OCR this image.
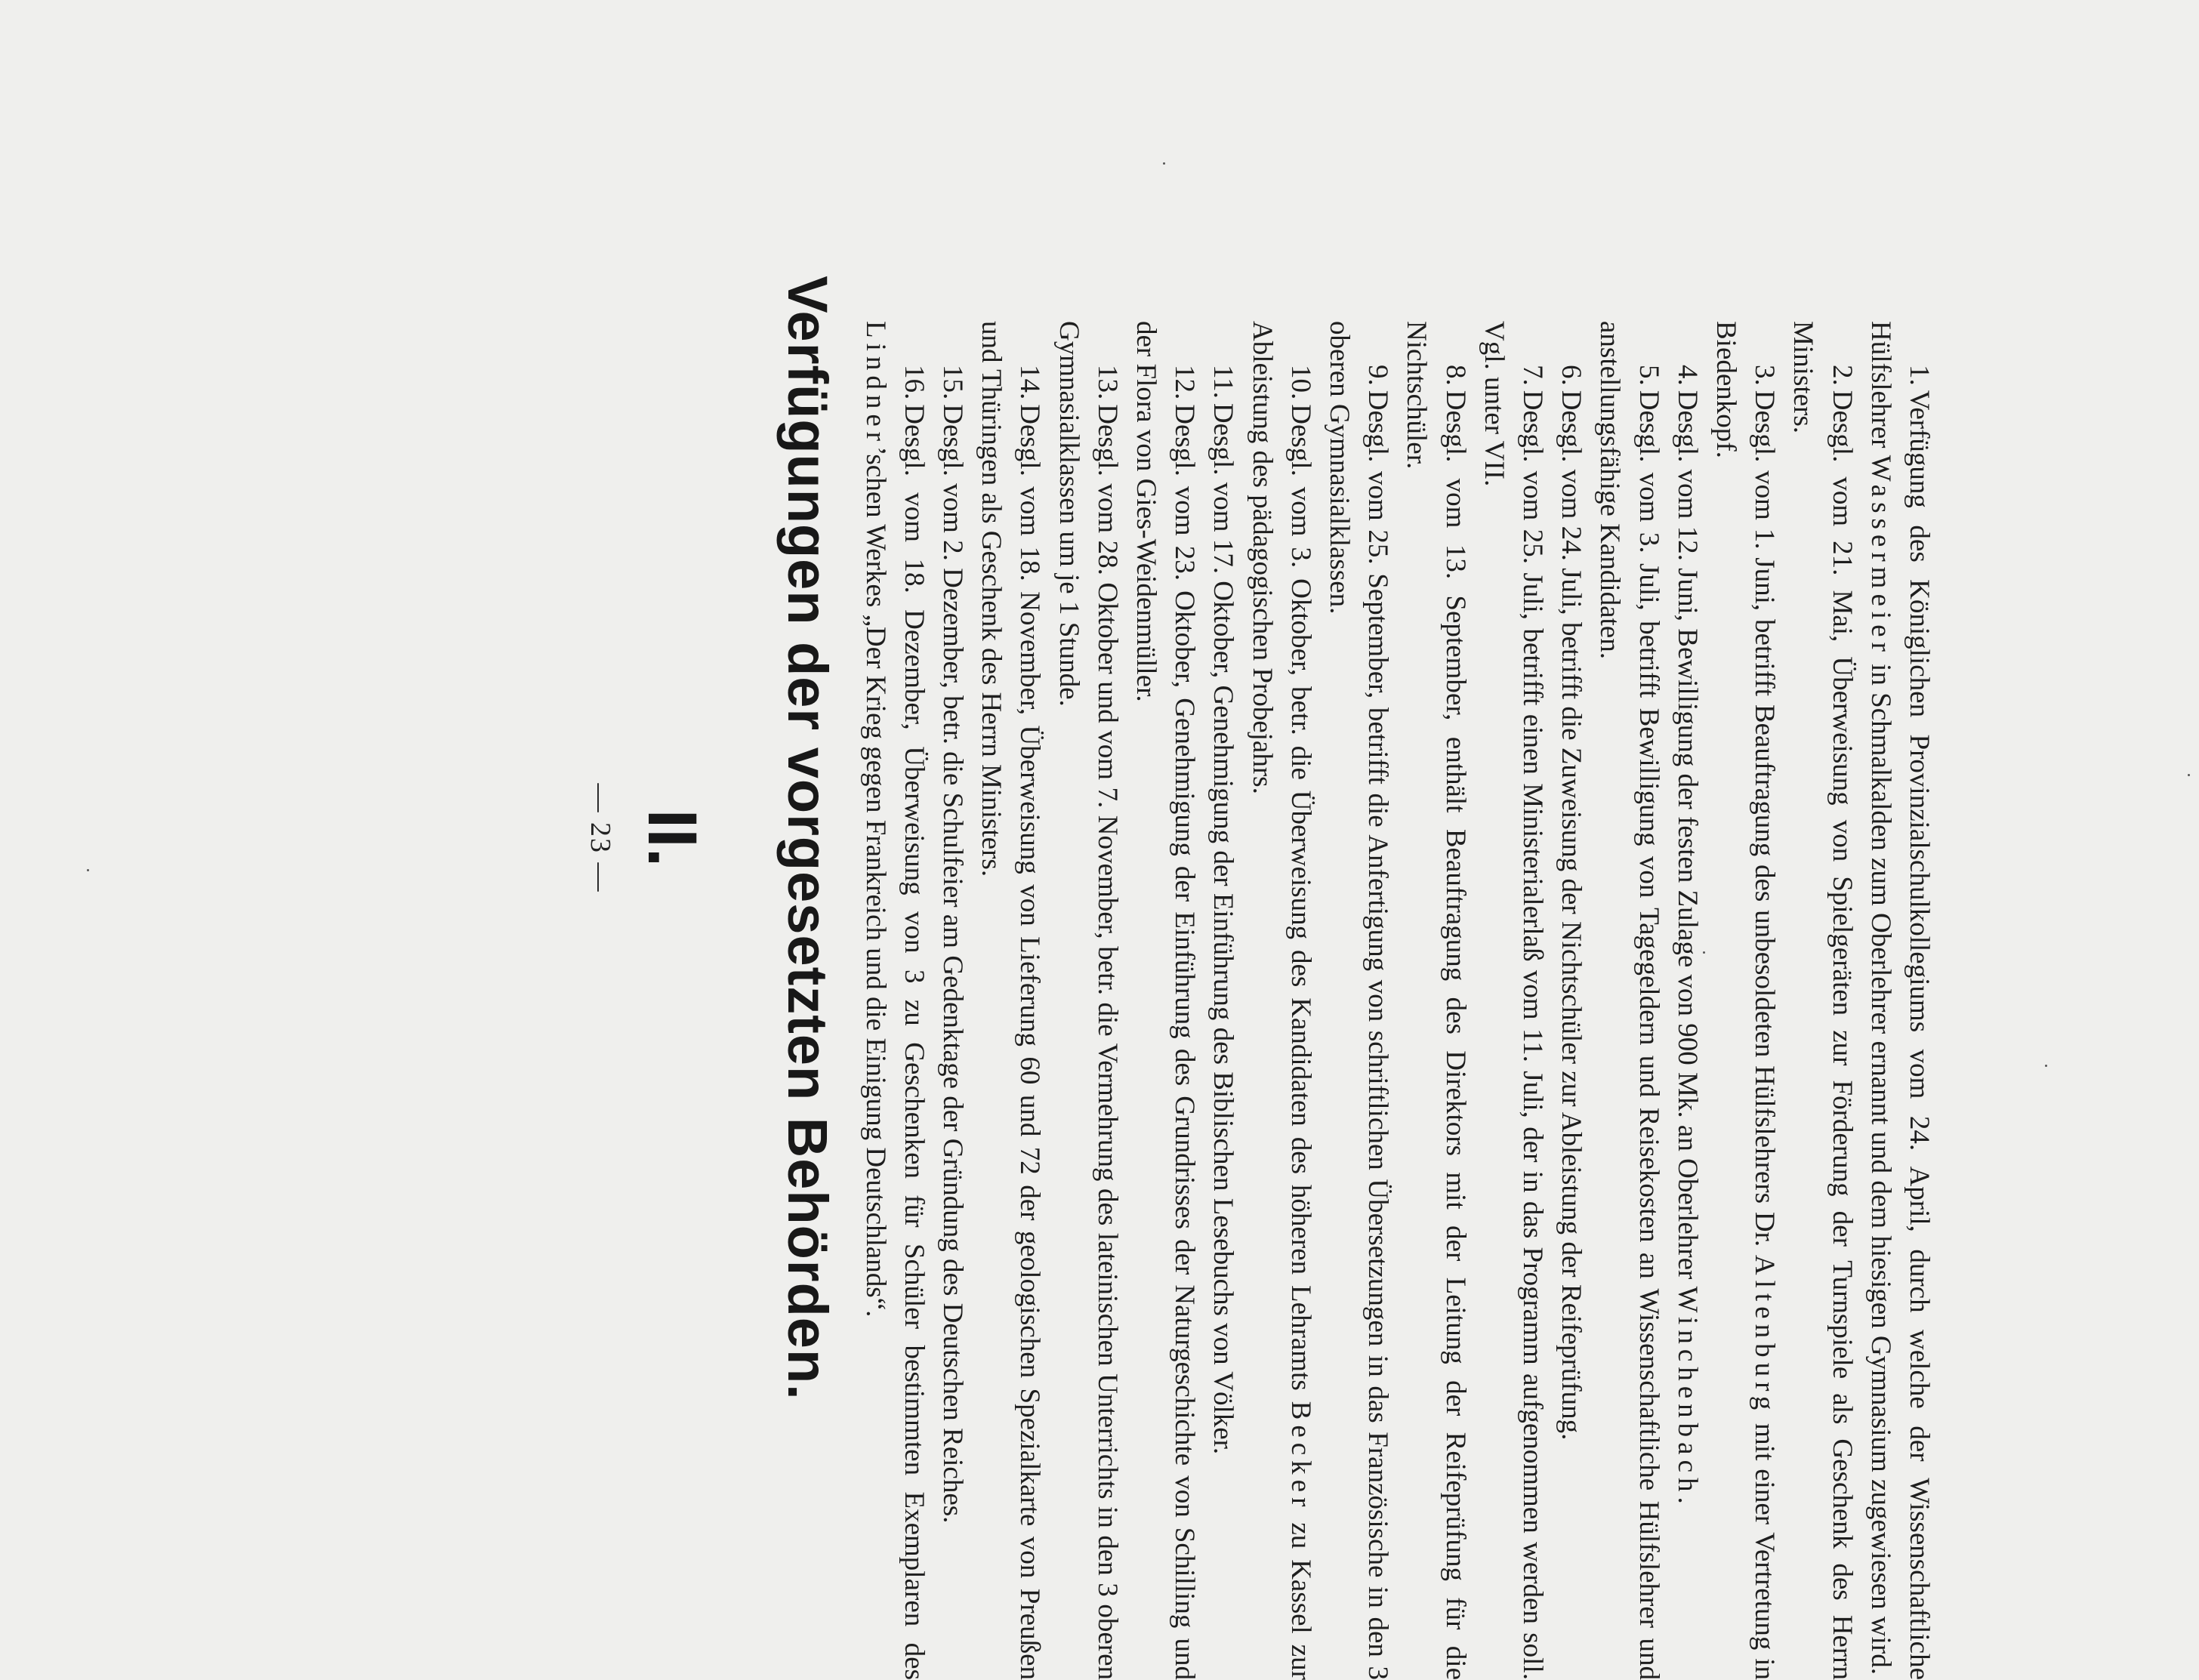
— 23 — II. Verfügungen der vorgesetzten Behörden.	1.Verfügung des Königlichen Provinzialschulkollegiums vom 24. April, durch welche der Wissenschaftliche Hülfslehrer Wassermeier in Schmalkalden zum Oberlehrer ernannt und dem hiesigen Gymnasium zugewiesen wird.

2.Desgl. vom 21. Mai, Überweisung von Spielgeräten zur Förderung der Turnspiele als Geschenk des Herrn Ministers.

3.Desgl. vom 1. Juni, betrifft Beauftragung des unbesoldeten Hülfslehrers Dr. Altenburg mit einer Vertretung in Biedenkopf.

4.Desgl. vom 12. Juni, Bewilligung der festen Zulage von 900 Mk. an Oberlehrer Winchenbach.

5.Desgl. vom 3. Juli, betrifft Bewilligung von Tagegeldern und Reisekosten an Wissenschaftliche Hülfslehrer und anstellungsfähige Kandidaten.

6.Desgl. vom 24. Juli, betrifft die Zuweisung der Nichtschüler zur Ableistung der Reifeprüfung.

7.Desgl. vom 25. Juli, betrifft einen Ministerialerlaß vom 11. Juli, der in das Programm aufgenommen werden soll. Vgl. unter VII.

8.Desgl. vom 13. September, enthält Beauftragung des Direktors mit der Leitung der Reifeprüfung für die Nichtschüler.

9.Desgl. vom 25. September, betrifft die Anfertigung von schriftlichen Übersetzungen in das Französische in den 3 oberen Gymnasialklassen.

10.Desgl. vom 3. Oktober, betr. die Überweisung des Kandidaten des höheren Lehramts Becker zu Kassel zur Ableistung des pädagogischen Probejahrs.

11.Desgl. vom 17. Oktober, Genehmigung der Einführung des Biblischen Lesebuchs von Völker.

12.Desgl. vom 23. Oktober, Genehmigung der Einführung des Grundrisses der Naturgeschichte von Schilling und der Flora von Gies-Weidenmüller.

13.Desgl. vom 28. Oktober und vom 7. November, betr. die Vermehrung des lateinischen Unterrichts in den 3 oberen Gymnasialklassen um je 1 Stunde.

14.Desgl. vom 18. November, Überweisung von Lieferung 60 und 72 der geologischen Spezialkarte von Preußen und Thüringen als Geschenk des Herrn Ministers.

15.Desgl. vom 2. Dezember, betr. die Schulfeier am Gedenktage der Gründung des Deutschen Reiches.

16.Desgl. vom 18. Dezember, Überweisung von 3 zu Geschenken für Schüler bestimmten Exemplaren des Lindner’schen Werkes „Der Krieg gegen Frankreich und die Einigung Deutschlands“.
